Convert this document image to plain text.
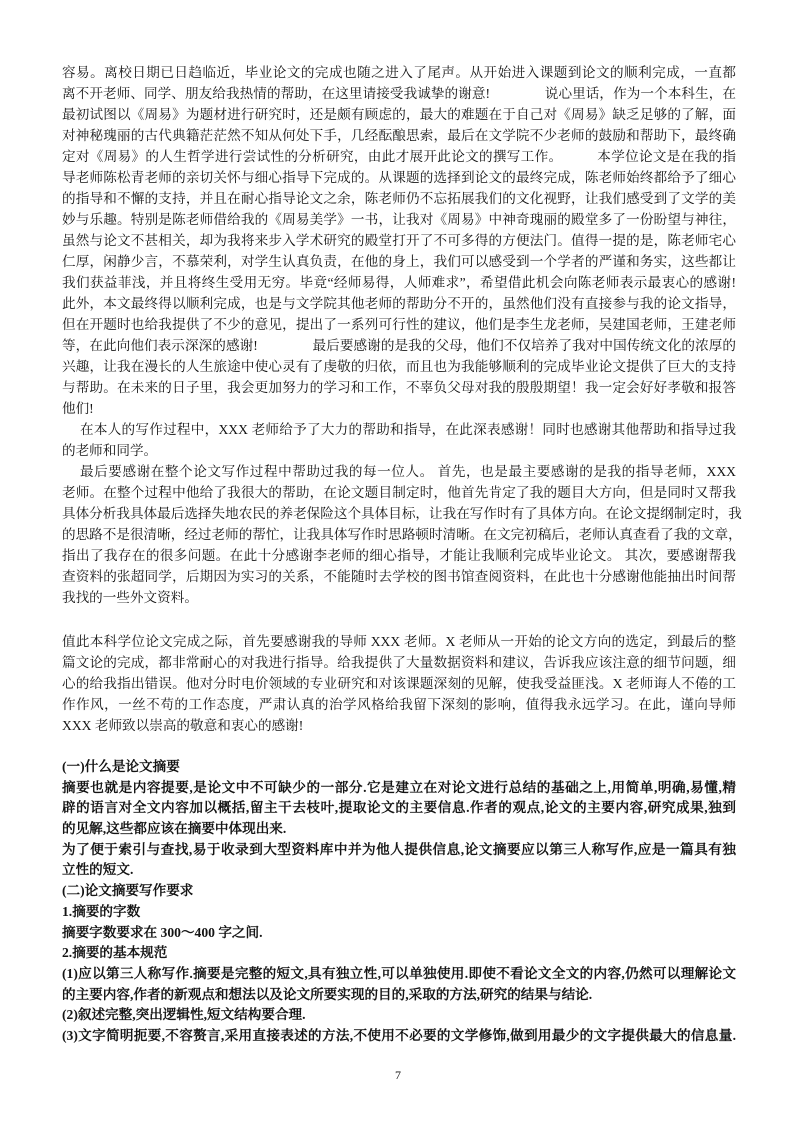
容易。离校日期已日趋临近，毕业论文的完成也随之进入了尾声。从开始进入课题到论文的顺利完成，一直都
离不开老师、同学、朋友给我热情的帮助，在这里请接受我诚挚的谢意!　　　　说心里话，作为一个本科生，在
最初试图以《周易》为题材进行研究时，还是颇有顾虑的，最大的难题在于自己对《周易》缺乏足够的了解，面
对神秘瑰丽的古代典籍茫茫然不知从何处下手，几经酝酿思索，最后在文学院不少老师的鼓励和帮助下，最终确
定对《周易》的人生哲学进行尝试性的分析研究，由此才展开此论文的撰写工作。　　　本学位论文是在我的指
导老师陈松青老师的亲切关怀与细心指导下完成的。从课题的选择到论文的最终完成，陈老师始终都给予了细心
的指导和不懈的支持，并且在耐心指导论文之余，陈老师仍不忘拓展我们的文化视野，让我们感受到了文学的美
妙与乐趣。特别是陈老师借给我的《周易美学》一书，让我对《周易》中神奇瑰丽的殿堂多了一份盼望与神往，
虽然与论文不甚相关，却为我将来步入学术研究的殿堂打开了不可多得的方便法门。值得一提的是，陈老师宅心
仁厚，闲静少言，不慕荣利，对学生认真负责，在他的身上，我们可以感受到一个学者的严谨和务实，这些都让
我们获益菲浅，并且将终生受用无穷。毕竟“经师易得，人师难求”，希望借此机会向陈老师表示最衷心的感谢!
此外，本文最终得以顺利完成，也是与文学院其他老师的帮助分不开的，虽然他们没有直接参与我的论文指导，
但在开题时也给我提供了不少的意见，提出了一系列可行性的建议，他们是李生龙老师，吴建国老师，王建老师
等，在此向他们表示深深的感谢!　　　　最后要感谢的是我的父母，他们不仅培养了我对中国传统文化的浓厚的
兴趣，让我在漫长的人生旅途中使心灵有了虔敬的归依，而且也为我能够顺利的完成毕业论文提供了巨大的支持
与帮助。在未来的日子里，我会更加努力的学习和工作，不辜负父母对我的殷殷期望！我一定会好好孝敬和报答
他们!
在本人的写作过程中，XXX 老师给予了大力的帮助和指导，在此深表感谢！同时也感谢其他帮助和指导过我
的老师和同学。
最后要感谢在整个论文写作过程中帮助过我的每一位人。 首先，也是最主要感谢的是我的指导老师，XXX
老师。在整个过程中他给了我很大的帮助，在论文题目制定时，他首先肯定了我的题目大方向，但是同时又帮我
具体分析我具体最后选择失地农民的养老保险这个具体目标，让我在写作时有了具体方向。在论文提纲制定时，我
的思路不是很清晰，经过老师的帮忙，让我具体写作时思路顿时清晰。在文完初稿后，老师认真查看了我的文章，
指出了我存在的很多问题。在此十分感谢李老师的细心指导，才能让我顺利完成毕业论文。 其次，要感谢帮我
查资料的张超同学，后期因为实习的关系，不能随时去学校的图书馆查阅资料，在此也十分感谢他能抽出时间帮
我找的一些外文资料。
值此本科学位论文完成之际，首先要感谢我的导师 XXX 老师。X 老师从一开始的论文方向的选定，到最后的整
篇文论的完成，都非常耐心的对我进行指导。给我提供了大量数据资料和建议，告诉我应该注意的细节问题，细
心的给我指出错误。他对分时电价领域的专业研究和对该课题深刻的见解，使我受益匪浅。X 老师诲人不倦的工
作作风，一丝不苟的工作态度，严肃认真的治学风格给我留下深刻的影响，值得我永远学习。在此，谨向导师
XXX 老师致以崇高的敬意和衷心的感谢!
(一)什么是论文摘要
摘要也就是内容提要,是论文中不可缺少的一部分.它是建立在对论文进行总结的基础之上,用简单,明确,易懂,精
辟的语言对全文内容加以概括,留主干去枝叶,提取论文的主要信息.作者的观点,论文的主要内容,研究成果,独到
的见解,这些都应该在摘要中体现出来.
为了便于索引与查找,易于收录到大型资料库中并为他人提供信息,论文摘要应以第三人称写作,应是一篇具有独
立性的短文.
(二)论文摘要写作要求
1.摘要的字数
摘要字数要求在 300～400 字之间.
2.摘要的基本规范
(1)应以第三人称写作.摘要是完整的短文,具有独立性,可以单独使用.即使不看论文全文的内容,仍然可以理解论文
的主要内容,作者的新观点和想法以及论文所要实现的目的,采取的方法,研究的结果与结论.
(2)叙述完整,突出逻辑性,短文结构要合理.
(3)文字简明扼要,不容赘言,采用直接表述的方法,不使用不必要的文学修饰,做到用最少的文字提供最大的信息量.
7
